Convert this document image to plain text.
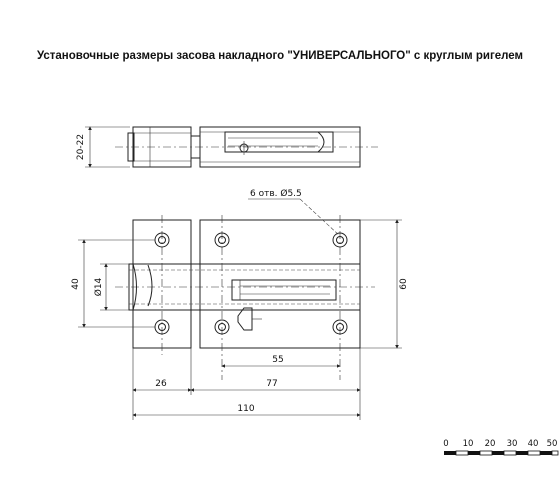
Установочные размеры засова накладного "УНИВЕРСАЛЬНОГО" с круглым ригелем
20-22
6 отв. Ø5.5
40 Ø14	60
55
26	77
110
0 10 20 30 40 50
